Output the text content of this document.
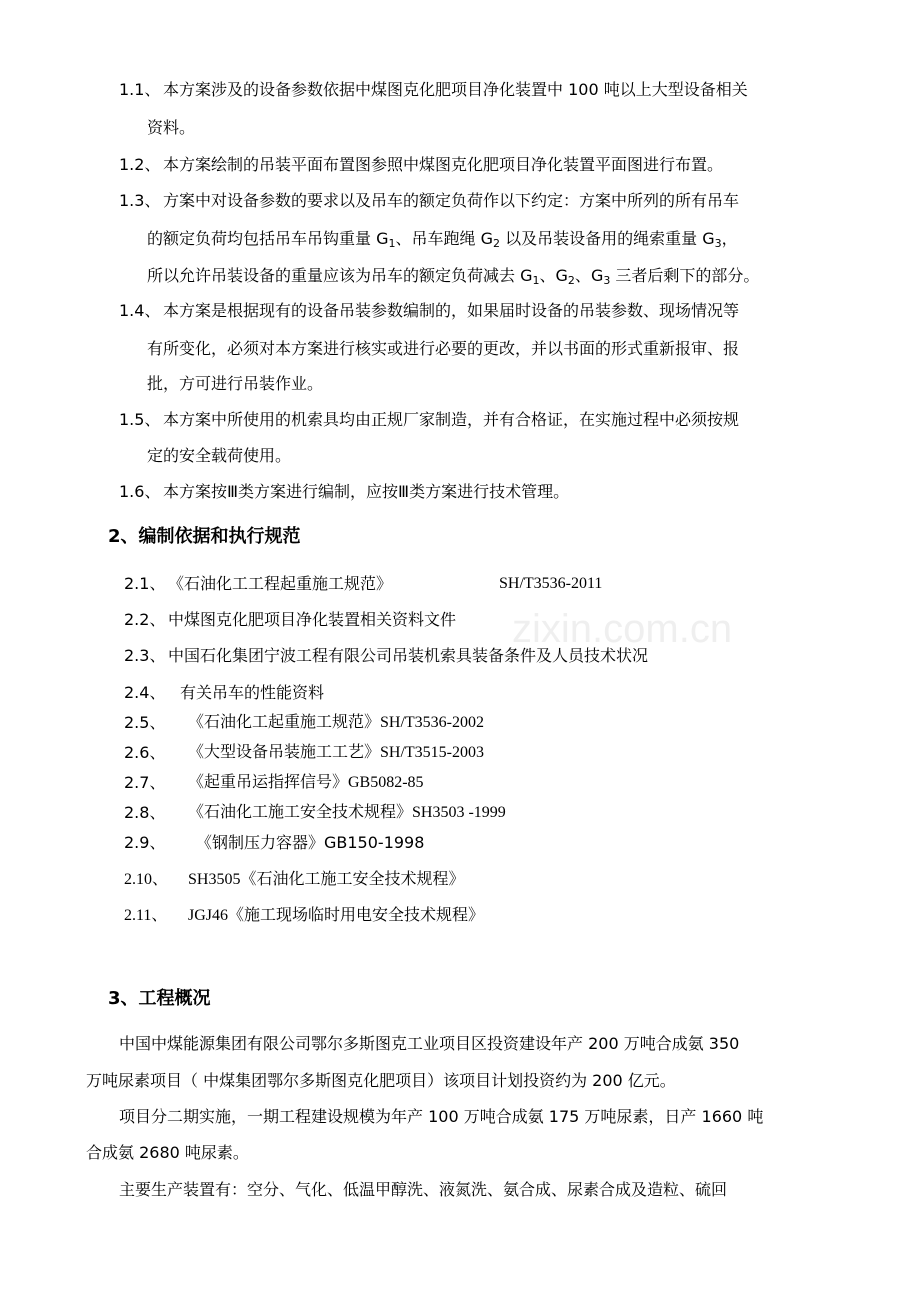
1.1、 本方案涉及的设备参数依据中煤图克化肥项目净化装置中 100 吨以上大型设备相关
资料。
1.2、 本方案绘制的吊装平面布置图参照中煤图克化肥项目净化装置平面图进行布置。
1.3、 方案中对设备参数的要求以及吊车的额定负荷作以下约定：方案中所列的所有吊车
的额定负荷均包括吊车吊钩重量 $G_1$、吊车跑绳 $G_2$ 以及吊装设备用的绳索重量 $G_3$，
所以允许吊装设备的重量应该为吊车的额定负荷减去 $G_1$、$G_2$、$G_3$ 三者后剩下的部分。
1.4、 本方案是根据现有的设备吊装参数编制的，如果届时设备的吊装参数、现场情况等
有所变化，必须对本方案进行核实或进行必要的更改，并以书面的形式重新报审、报
批，方可进行吊装作业。
1.5、 本方案中所使用的机索具均由正规厂家制造，并有合格证，在实施过程中必须按规
定的安全载荷使用。
1.6、 本方案按Ⅲ类方案进行编制，应按Ⅲ类方案进行技术管理。
2、编制依据和执行规范
2.1、 《石油化工工程起重施工规范》	SH/T3536-2011
2.2、 中煤图克化肥项目净化装置相关资料文件
2.3、 中国石化集团宁波工程有限公司吊装机索具装备条件及人员技术状况
2.4、 有关吊车的性能资料
2.5、 《石油化工起重施工规范》SH/T3536-2002
2.6、 《大型设备吊装施工工艺》SH/T3515-2003
2.7、 《起重吊运指挥信号》GB5082-85
2.8、 《石油化工施工安全技术规程》SH3503 -1999
2.9、 《钢制压力容器》GB150-1998
2.10、 SH3505《石油化工施工安全技术规程》
2.11、 JGJ46《施工现场临时用电安全技术规程》
3、工程概况
中国中煤能源集团有限公司鄂尔多斯图克工业项目区投资建设年产 200 万吨合成氨 350
万吨尿素项目（ 中煤集团鄂尔多斯图克化肥项目）该项目计划投资约为 200 亿元。
项目分二期实施，一期工程建设规模为年产 100 万吨合成氨 175 万吨尿素，日产 1660 吨
合成氨 2680 吨尿素。
主要生产装置有：空分、气化、低温甲醇洗、液氮洗、氨合成、尿素合成及造粒、硫回
zixin.com.cn
